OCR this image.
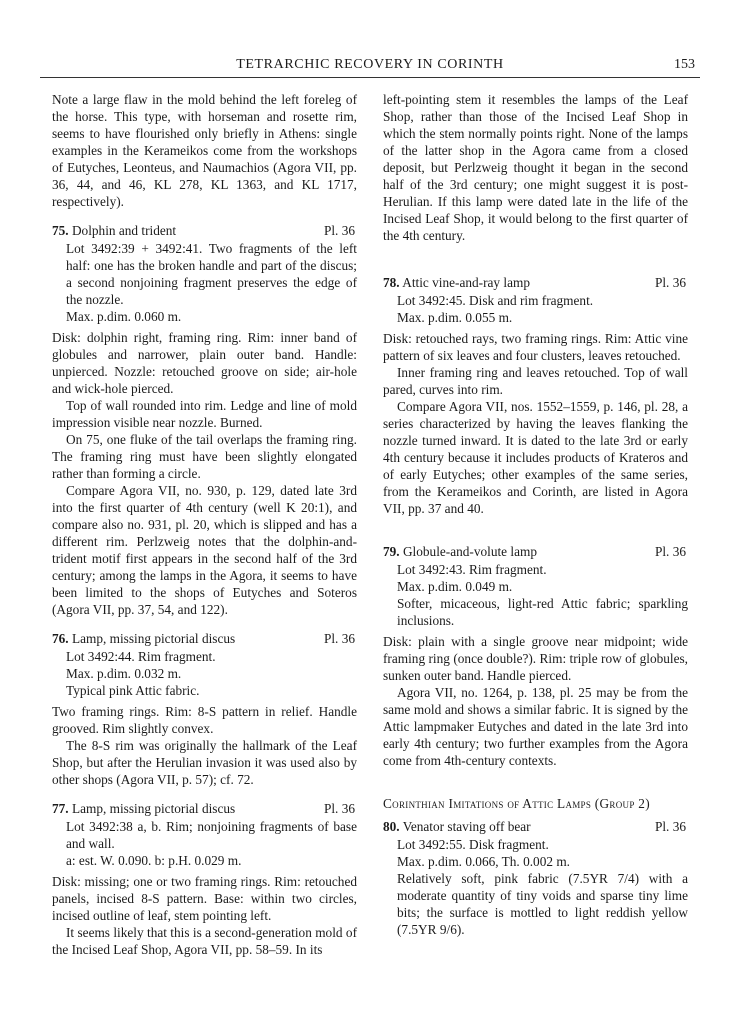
TETRARCHIC RECOVERY IN CORINTH	153

Note a large flaw in the mold behind the left foreleg of the horse. This type, with horseman and rosette rim, seems to have flourished only briefly in Athens: single examples in the Kerameikos come from the workshops of Eutyches, Leonteus, and Naumachios (Agora VII, pp. 36, 44, and 46, KL 278, KL 1363, and KL 1717, respectively).

75. Dolphin and trident	Pl. 36

Lot 3492:39 + 3492:41. Two fragments of the left half: one has the broken handle and part of the discus; a second nonjoining fragment preserves the edge of the nozzle.

Max. p.dim. 0.060 m.

Disk: dolphin right, framing ring. Rim: inner band of globules and narrower, plain outer band. Handle: unpierced. Nozzle: retouched groove on side; air-hole and wick-hole pierced.

Top of wall rounded into rim. Ledge and line of mold impression visible near nozzle. Burned.

On 75, one fluke of the tail overlaps the framing ring. The framing ring must have been slightly elongated rather than forming a circle.

Compare Agora VII, no. 930, p. 129, dated late 3rd into the first quarter of 4th century (well K 20:1), and compare also no. 931, pl. 20, which is slipped and has a different rim. Perlzweig notes that the dolphin-and-trident motif first appears in the second half of the 3rd century; among the lamps in the Agora, it seems to have been limited to the shops of Eutyches and Soteros (Agora VII, pp. 37, 54, and 122).

76. Lamp, missing pictorial discus	Pl. 36

Lot 3492:44. Rim fragment.

Max. p.dim. 0.032 m.

Typical pink Attic fabric.

Two framing rings. Rim: 8-S pattern in relief. Handle grooved. Rim slightly convex.

The 8-S rim was originally the hallmark of the Leaf Shop, but after the Herulian invasion it was used also by other shops (Agora VII, p. 57); cf. 72.

77. Lamp, missing pictorial discus	Pl. 36

Lot 3492:38 a, b. Rim; nonjoining fragments of base and wall.

a: est. W. 0.090. b: p.H. 0.029 m.

Disk: missing; one or two framing rings. Rim: retouched panels, incised 8-S pattern. Base: within two circles, incised outline of leaf, stem pointing left.

It seems likely that this is a second-generation mold of the Incised Leaf Shop, Agora VII, pp. 58–59. In its

left-pointing stem it resembles the lamps of the Leaf Shop, rather than those of the Incised Leaf Shop in which the stem normally points right. None of the lamps of the latter shop in the Agora came from a closed deposit, but Perlzweig thought it began in the second half of the 3rd century; one might suggest it is post-Herulian. If this lamp were dated late in the life of the Incised Leaf Shop, it would belong to the first quarter of the 4th century.

78. Attic vine-and-ray lamp	Pl. 36

Lot 3492:45. Disk and rim fragment.

Max. p.dim. 0.055 m.

Disk: retouched rays, two framing rings. Rim: Attic vine pattern of six leaves and four clusters, leaves retouched.

Inner framing ring and leaves retouched. Top of wall pared, curves into rim.

Compare Agora VII, nos. 1552–1559, p. 146, pl. 28, a series characterized by having the leaves flanking the nozzle turned inward. It is dated to the late 3rd or early 4th century because it includes products of Krateros and of early Eutyches; other examples of the same series, from the Kerameikos and Corinth, are listed in Agora VII, pp. 37 and 40.

79. Globule-and-volute lamp	Pl. 36

Lot 3492:43. Rim fragment.

Max. p.dim. 0.049 m.

Softer, micaceous, light-red Attic fabric; sparkling inclusions.

Disk: plain with a single groove near midpoint; wide framing ring (once double?). Rim: triple row of globules, sunken outer band. Handle pierced.

Agora VII, no. 1264, p. 138, pl. 25 may be from the same mold and shows a similar fabric. It is signed by the Attic lampmaker Eutyches and dated in the late 3rd into early 4th century; two further examples from the Agora come from 4th-century contexts.

Corinthian Imitations of Attic Lamps (Group 2)
80. Venator staving off bear	Pl. 36

Lot 3492:55. Disk fragment.

Max. p.dim. 0.066, Th. 0.002 m.

Relatively soft, pink fabric (7.5YR 7/4) with a moderate quantity of tiny voids and sparse tiny lime bits; the surface is mottled to light reddish yellow (7.5YR 9/6).
